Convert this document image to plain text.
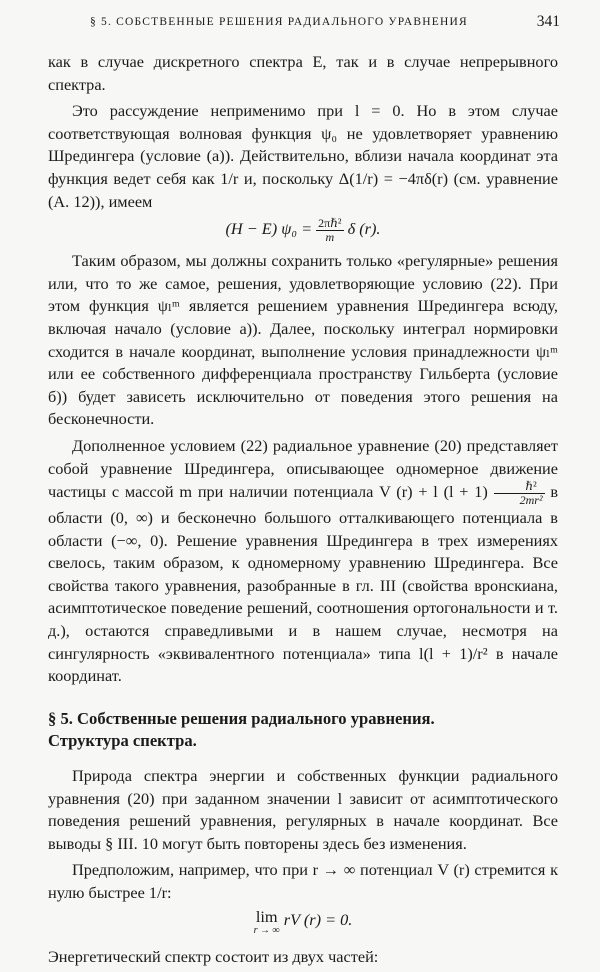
§ 5. СОБСТВЕННЫЕ РЕШЕНИЯ РАДИАЛЬНОГО УРАВНЕНИЯ	341

как в случае дискретного спектра E, так и в случае непрерывного спектра.

Это рассуждение неприменимо при l = 0. Но в этом случае соответствующая волновая функция ψ₀ не удовлетворяет уравнению Шредингера (условие (а)). Действительно, вблизи начала координат эта функция ведет себя как 1/r и, поскольку Δ(1/r) = −4πδ(r) (см. уравнение (A. 12)), имеем

(H − E) $\psi_0 = \frac{\text{2πℏ²}}{m}$ δ (r).

Таким образом, мы должны сохранить только «регулярные» решения или, что то же самое, решения, удовлетворяющие условию (22). При этом функция ψₗᵐ является решением уравнения Шредингера всюду, включая начало (условие а)). Далее, поскольку интеграл нормировки сходится в начале координат, выполнение условия принадлежности ψₗᵐ или ее собственного дифференциала пространству Гильберта (условие б)) будет зависеть исключительно от поведения этого решения на бесконечности.

Дополненное условием (22) радиальное уравнение (20) представляет собой уравнение Шредингера, описывающее одномерное движение частицы с массой m при наличии потенциала V (r) + l $(l + 1) \frac{\text{ℏ²}}{\text{2mr²}}$ в области (0, ∞) и бесконечно большого отталкивающего потенциала в области (−∞, 0). Решение уравнения Шредингера в трех измерениях свелось, таким образом, к одномерному уравнению Шредингера. Все свойства такого уравнения, разобранные в гл. III (свойства вронскиана, асимптотическое поведение решений, соотношения ортогональности и т. д.), остаются справедливыми и в нашем случае, несмотря на сингулярность «эквивалентного потенциала» типа l(l + 1)/r² в начале координат.

§ 5. Собственные решения радиального уравнения.
Структура спектра.

Природа спектра энергии и собственных функции радиального уравнения (20) при заданном значении l зависит от асимптотического поведения решений уравнения, регулярных в начале координат. Все выводы § III. 10 могут быть повторены здесь без изменения.

Предположим, например, что при r → ∞ потенциал V (r) стремится к нулю быстрее 1/r:

lim
r → ∞
rV (r) = 0.

Энергетический спектр состоит из двух частей:
